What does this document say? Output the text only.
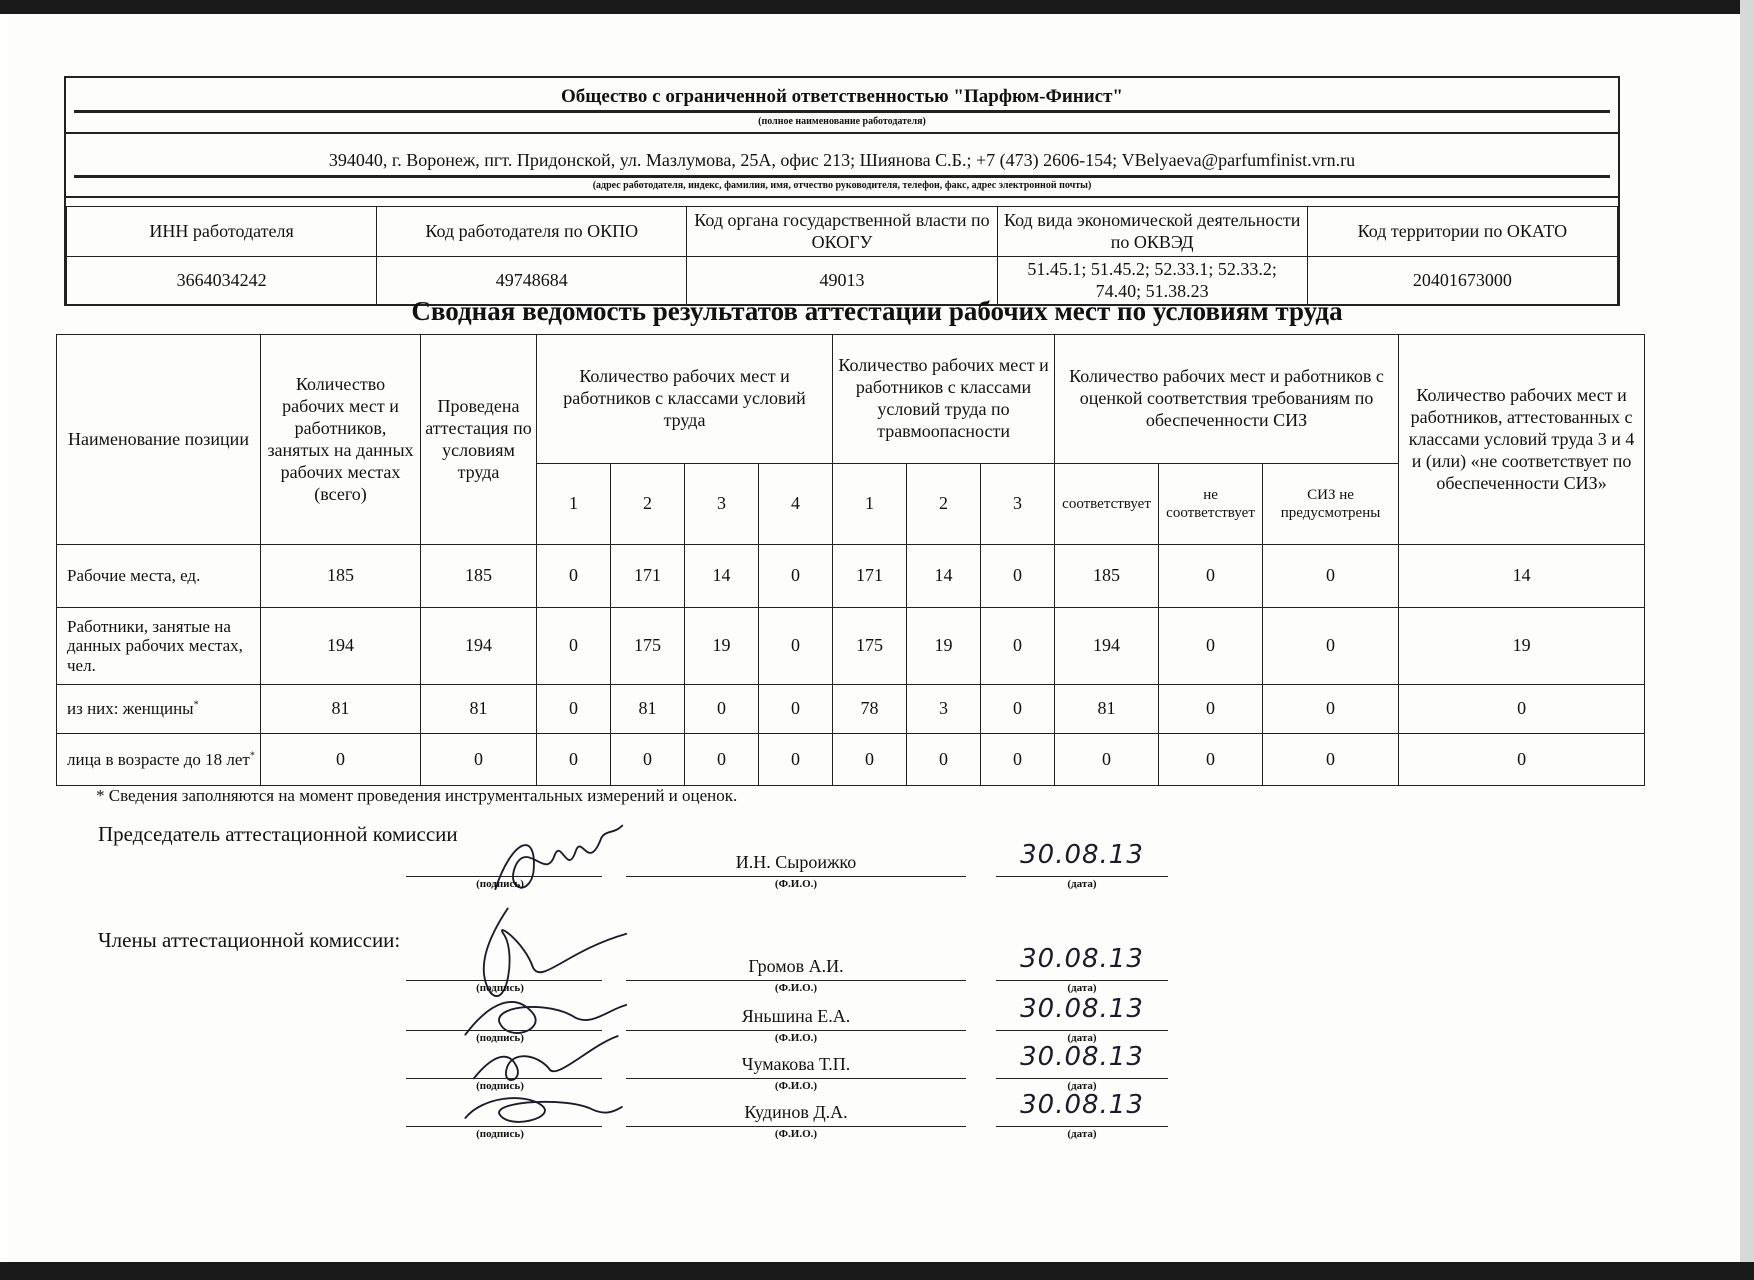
Общество с ограниченной ответственностью "Парфюм-Финист"
(полное наименование работодателя)
394040, г. Воронеж, пгт. Придонской, ул. Мазлумова, 25А, офис 213; Шиянова С.Б.; +7 (473) 2606-154; VBelyaeva@parfumfinist.vrn.ru
(адрес работодателя, индекс, фамилия, имя, отчество руководителя, телефон, факс, адрес электронной почты)
ИНН работодателя	Код работодателя по ОКПО	Код органа государственной власти по ОКОГУ	Код вида экономической деятельности по ОКВЭД	Код территории по ОКАТО
3664034242	49748684	49013	51.45.1; 51.45.2; 52.33.1; 52.33.2; 74.40; 51.38.23	20401673000
Сводная ведомость результатов аттестации рабочих мест по условиям труда
Наименование позиции	Количество рабочих мест и работников, занятых на данных рабочих местах (всего)	Проведена аттестация по условиям труда	Количество рабочих мест и работников с классами условий труда				Количество рабочих мест и работников с классами условий труда по травмоопасности			Количество рабочих мест и работников с оценкой соответствия требованиям по обеспеченности СИЗ			Количество рабочих мест и работников, аттестованных с классами условий труда 3 и 4 и (или) «не соответствует по обеспеченности СИЗ»
			1	2	3	4	1	2	3	соответствует	не соответствует	СИЗ не предусмотрены	
Рабочие места, ед.	185	185	0	171	14	0	171	14	0	185	0	0	14
Работники, занятые на данных рабочих местах, чел.	194	194	0	175	19	0	175	19	0	194	0	0	19
из них: женщины*	81	81	0	81	0	0	78	3	0	81	0	0	0
лица в возрасте до 18 лет*	0	0	0	0	0	0	0	0	0	0	0	0	0
* Сведения заполняются на момент проведения инструментальных измерений и оценок.
Председатель аттестационной комиссии
Члены аттестационной комиссии:
(подпись)
И.Н. Сыроижко
(Ф.И.О.)
30.08.13
(дата)
(подпись)
Громов А.И.
(Ф.И.О.)
30.08.13
(дата)
(подпись)
Яньшина Е.А.
(Ф.И.О.)
30.08.13
(дата)
(подпись)
Чумакова Т.П.
(Ф.И.О.)
30.08.13
(дата)
(подпись)
Кудинов Д.А.
(Ф.И.О.)
30.08.13
(дата)
